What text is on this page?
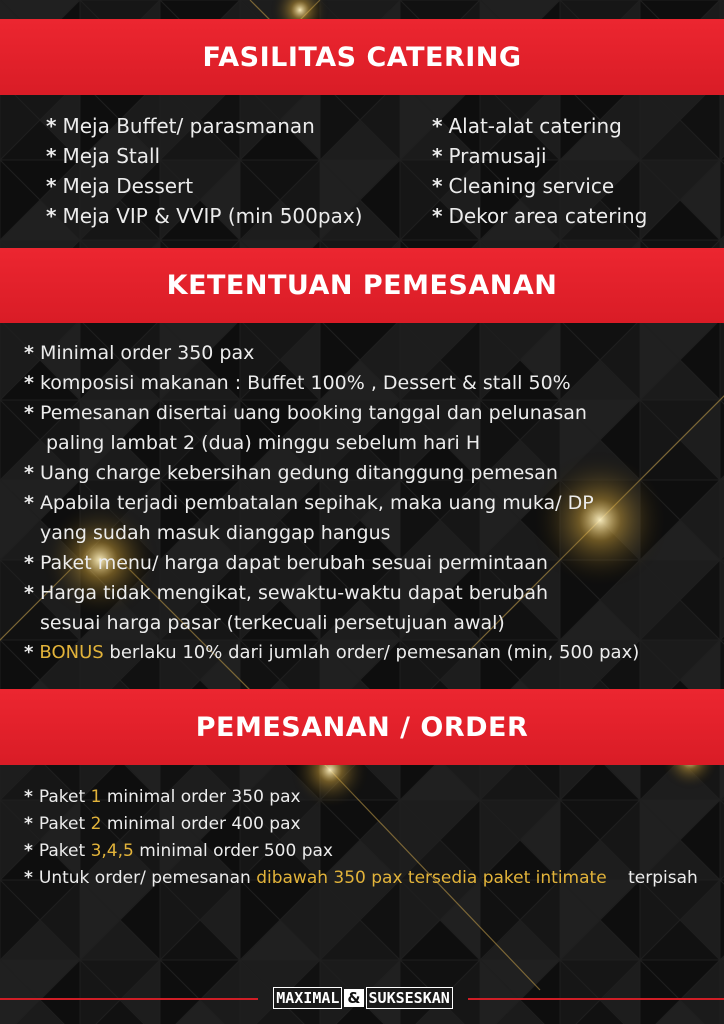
FASILITAS CATERING
* Meja Buffet/ parasmanan
* Meja Stall
* Meja Dessert
* Meja VIP & VVIP (min 500pax)
* Alat-alat catering
* Pramusaji
* Cleaning service
* Dekor area catering
KETENTUAN PEMESANAN
* Minimal order 350 pax
* komposisi makanan : Buffet 100% , Dessert & stall 50%
* Pemesanan disertai uang booking tanggal dan pelunasan
paling lambat 2 (dua) minggu sebelum hari H
* Uang charge kebersihan gedung ditanggung pemesan
* Apabila terjadi pembatalan sepihak, maka uang muka/ DP
yang sudah masuk dianggap hangus
* Paket menu/ harga dapat berubah sesuai permintaan
* Harga tidak mengikat, sewaktu-waktu dapat berubah
sesuai harga pasar (terkecuali persetujuan awal)
* BONUS berlaku 10% dari jumlah order/ pemesanan (min, 500 pax)
PEMESANAN / ORDER
* Paket 1 minimal order 350 pax
* Paket 2 minimal order 400 pax
* Paket 3,4,5 minimal order 500 pax
* Untuk order/ pemesanan dibawah 350 pax tersedia paket intimate terpisah
MAXIMAL & SUKSESKAN
